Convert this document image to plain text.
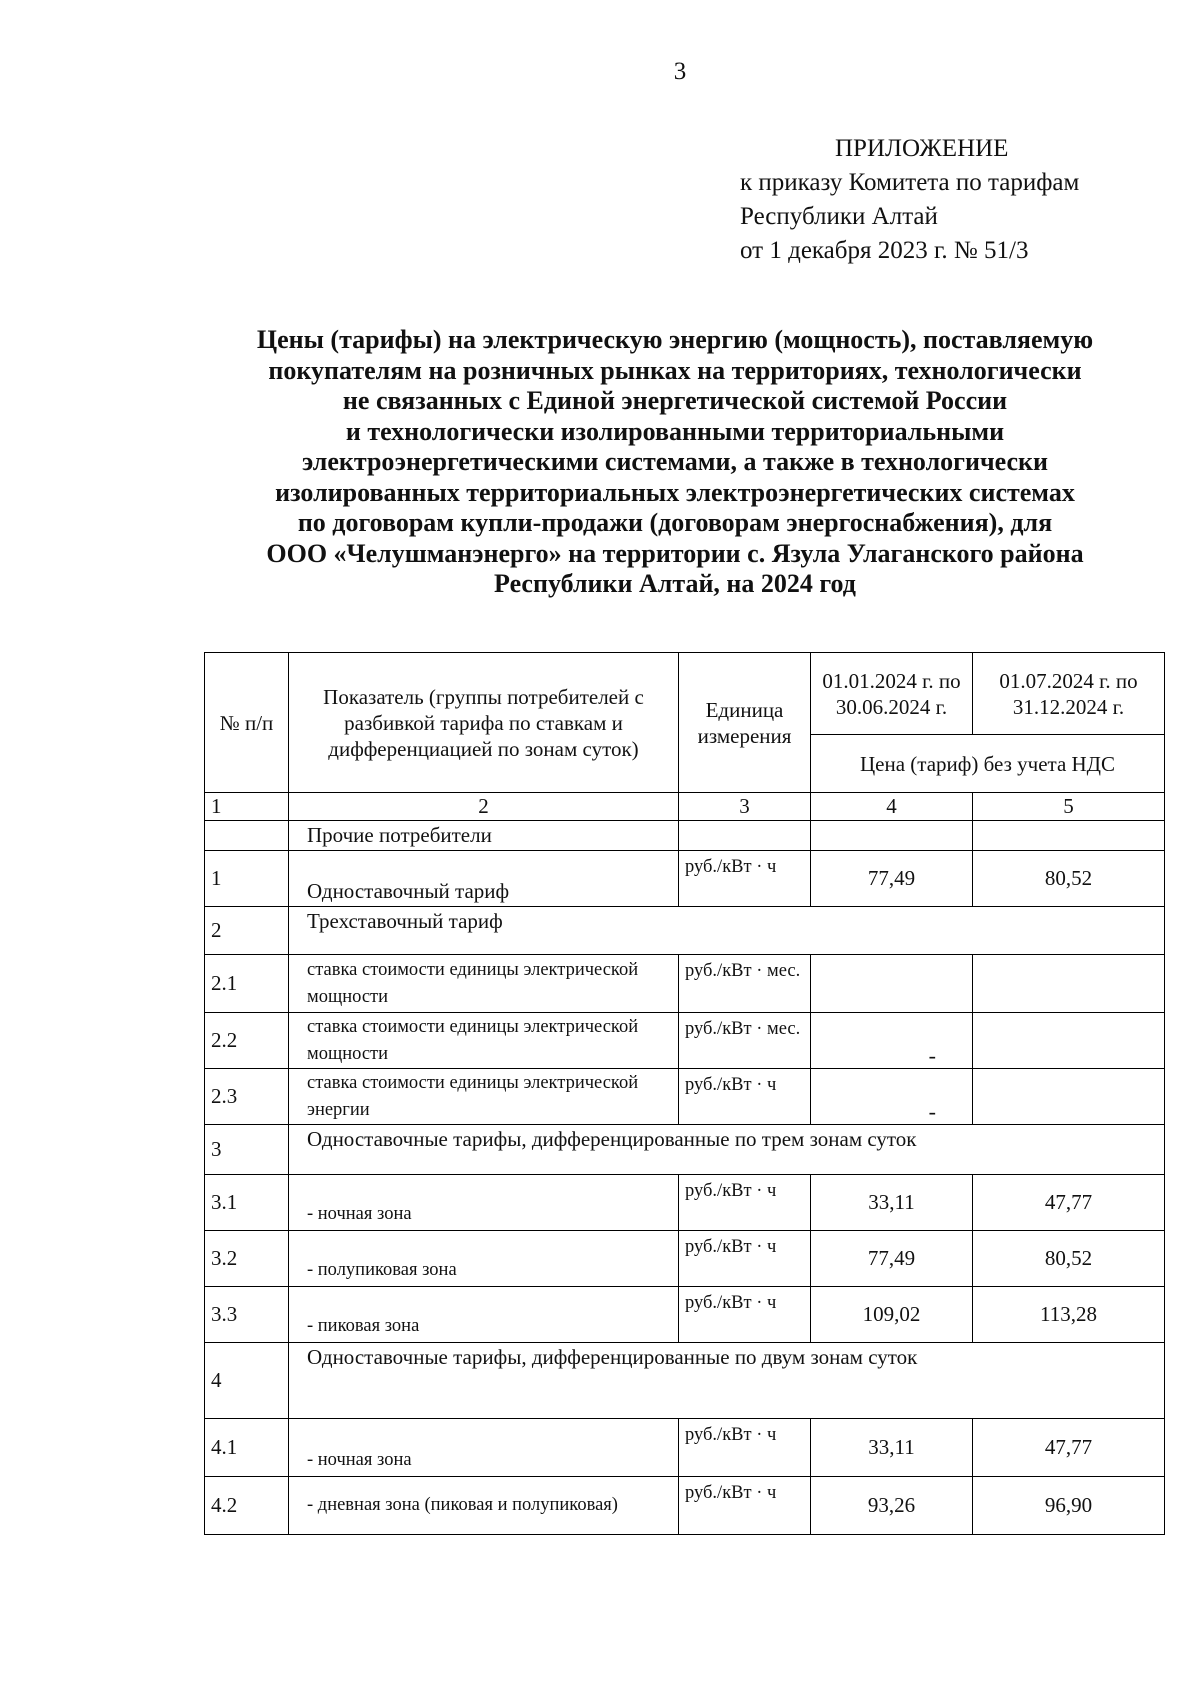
3
ПРИЛОЖЕНИЕ
к приказу Комитета по тарифам
Республики Алтай
от 1 декабря 2023 г. № 51/3
Цены (тарифы) на электрическую энергию (мощность), поставляемую
покупателям на розничных рынках на территориях, технологически
не связанных с Единой энергетической системой России
и технологически изолированными территориальными
электроэнергетическими системами, а также в технологически
изолированных территориальных электроэнергетических системах
по договорам купли-продажи (договорам энергоснабжения), для
ООО «Челушманэнерго» на территории с. Язула Улаганского района
Республики Алтай, на 2024 год
№ п/п	Показатель (группы потребителей с разбивкой тарифа по ставкам и дифференциацией по зонам суток)	Единица измерения	01.01.2024 г. по 30.06.2024 г.	01.07.2024 г. по 31.12.2024 г.
			Цена (тариф) без учета НДС	
1	2	3	4	5
	Прочие потребители			
1	Одноставочный тариф	руб./кВт · ч	77,49	80,52
2	Трехставочный тариф			
2.1	ставка стоимости единицы электрической мощности	руб./кВт · мес.		
2.2	ставка стоимости единицы электрической мощности	руб./кВт · мес.	-	
2.3	ставка стоимости единицы электрической энергии	руб./кВт · ч	-	
3	Одноставочные тарифы, дифференцированные по трем зонам суток			
3.1	- ночная зона	руб./кВт · ч	33,11	47,77
3.2	- полупиковая зона	руб./кВт · ч	77,49	80,52
3.3	- пиковая зона	руб./кВт · ч	109,02	113,28
4	Одноставочные тарифы, дифференцированные по двум зонам суток			
4.1	- ночная зона	руб./кВт · ч	33,11	47,77
4.2	- дневная зона (пиковая и полупиковая)	руб./кВт · ч	93,26	96,90
